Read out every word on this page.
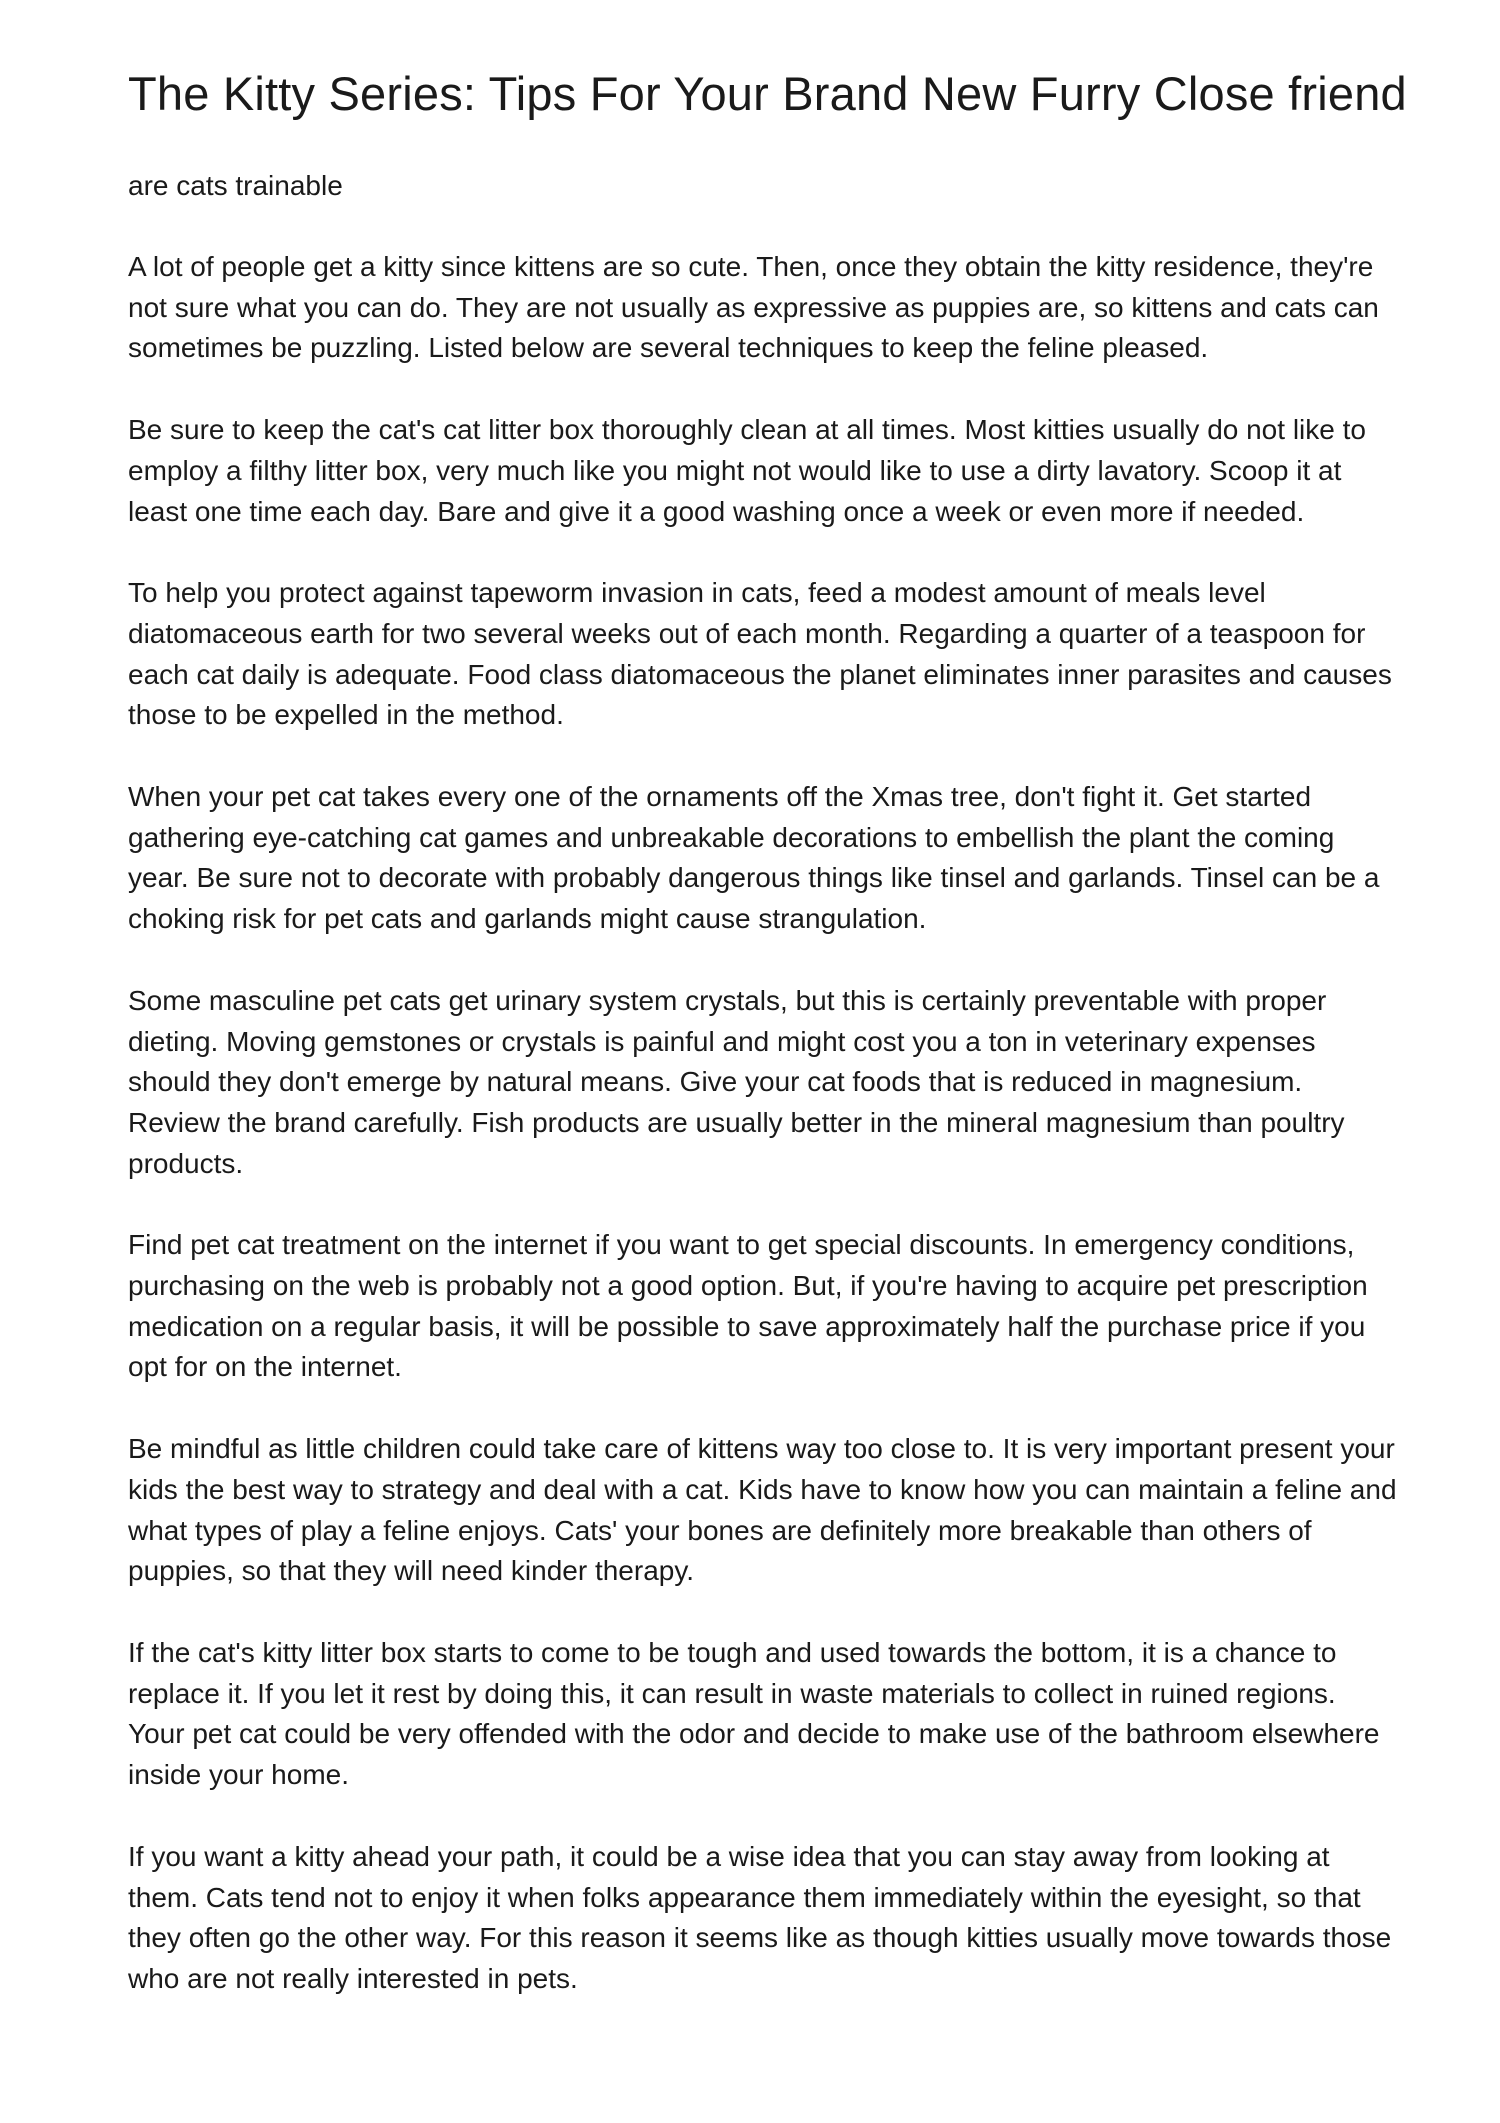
The Kitty Series: Tips For Your Brand New Furry Close friend
are cats trainable

A lot of people get a kitty since kittens are so cute. Then, once they obtain the kitty residence, they're not sure what you can do. They are not usually as expressive as puppies are, so kittens and cats can sometimes be puzzling. Listed below are several techniques to keep the feline pleased.

Be sure to keep the cat's cat litter box thoroughly clean at all times. Most kitties usually do not like to employ a filthy litter box, very much like you might not would like to use a dirty lavatory. Scoop it at least one time each day. Bare and give it a good washing once a week or even more if needed.

To help you protect against tapeworm invasion in cats, feed a modest amount of meals level diatomaceous earth for two several weeks out of each month. Regarding a quarter of a teaspoon for each cat daily is adequate. Food class diatomaceous the planet eliminates inner parasites and causes those to be expelled in the method.

When your pet cat takes every one of the ornaments off the Xmas tree, don't fight it. Get started gathering eye-catching cat games and unbreakable decorations to embellish the plant the coming year. Be sure not to decorate with probably dangerous things like tinsel and garlands. Tinsel can be a choking risk for pet cats and garlands might cause strangulation.

Some masculine pet cats get urinary system crystals, but this is certainly preventable with proper dieting. Moving gemstones or crystals is painful and might cost you a ton in veterinary expenses should they don't emerge by natural means. Give your cat foods that is reduced in magnesium. Review the brand carefully. Fish products are usually better in the mineral magnesium than poultry products.

Find pet cat treatment on the internet if you want to get special discounts. In emergency conditions, purchasing on the web is probably not a good option. But, if you're having to acquire pet prescription medication on a regular basis, it will be possible to save approximately half the purchase price if you opt for on the internet.

Be mindful as little children could take care of kittens way too close to. It is very important present your kids the best way to strategy and deal with a cat. Kids have to know how you can maintain a feline and what types of play a feline enjoys. Cats' your bones are definitely more breakable than others of puppies, so that they will need kinder therapy.

If the cat's kitty litter box starts to come to be tough and used towards the bottom, it is a chance to replace it. If you let it rest by doing this, it can result in waste materials to collect in ruined regions. Your pet cat could be very offended with the odor and decide to make use of the bathroom elsewhere inside your home.

If you want a kitty ahead your path, it could be a wise idea that you can stay away from looking at them. Cats tend not to enjoy it when folks appearance them immediately within the eyesight, so that they often go the other way. For this reason it seems like as though kitties usually move towards those who are not really interested in pets.
